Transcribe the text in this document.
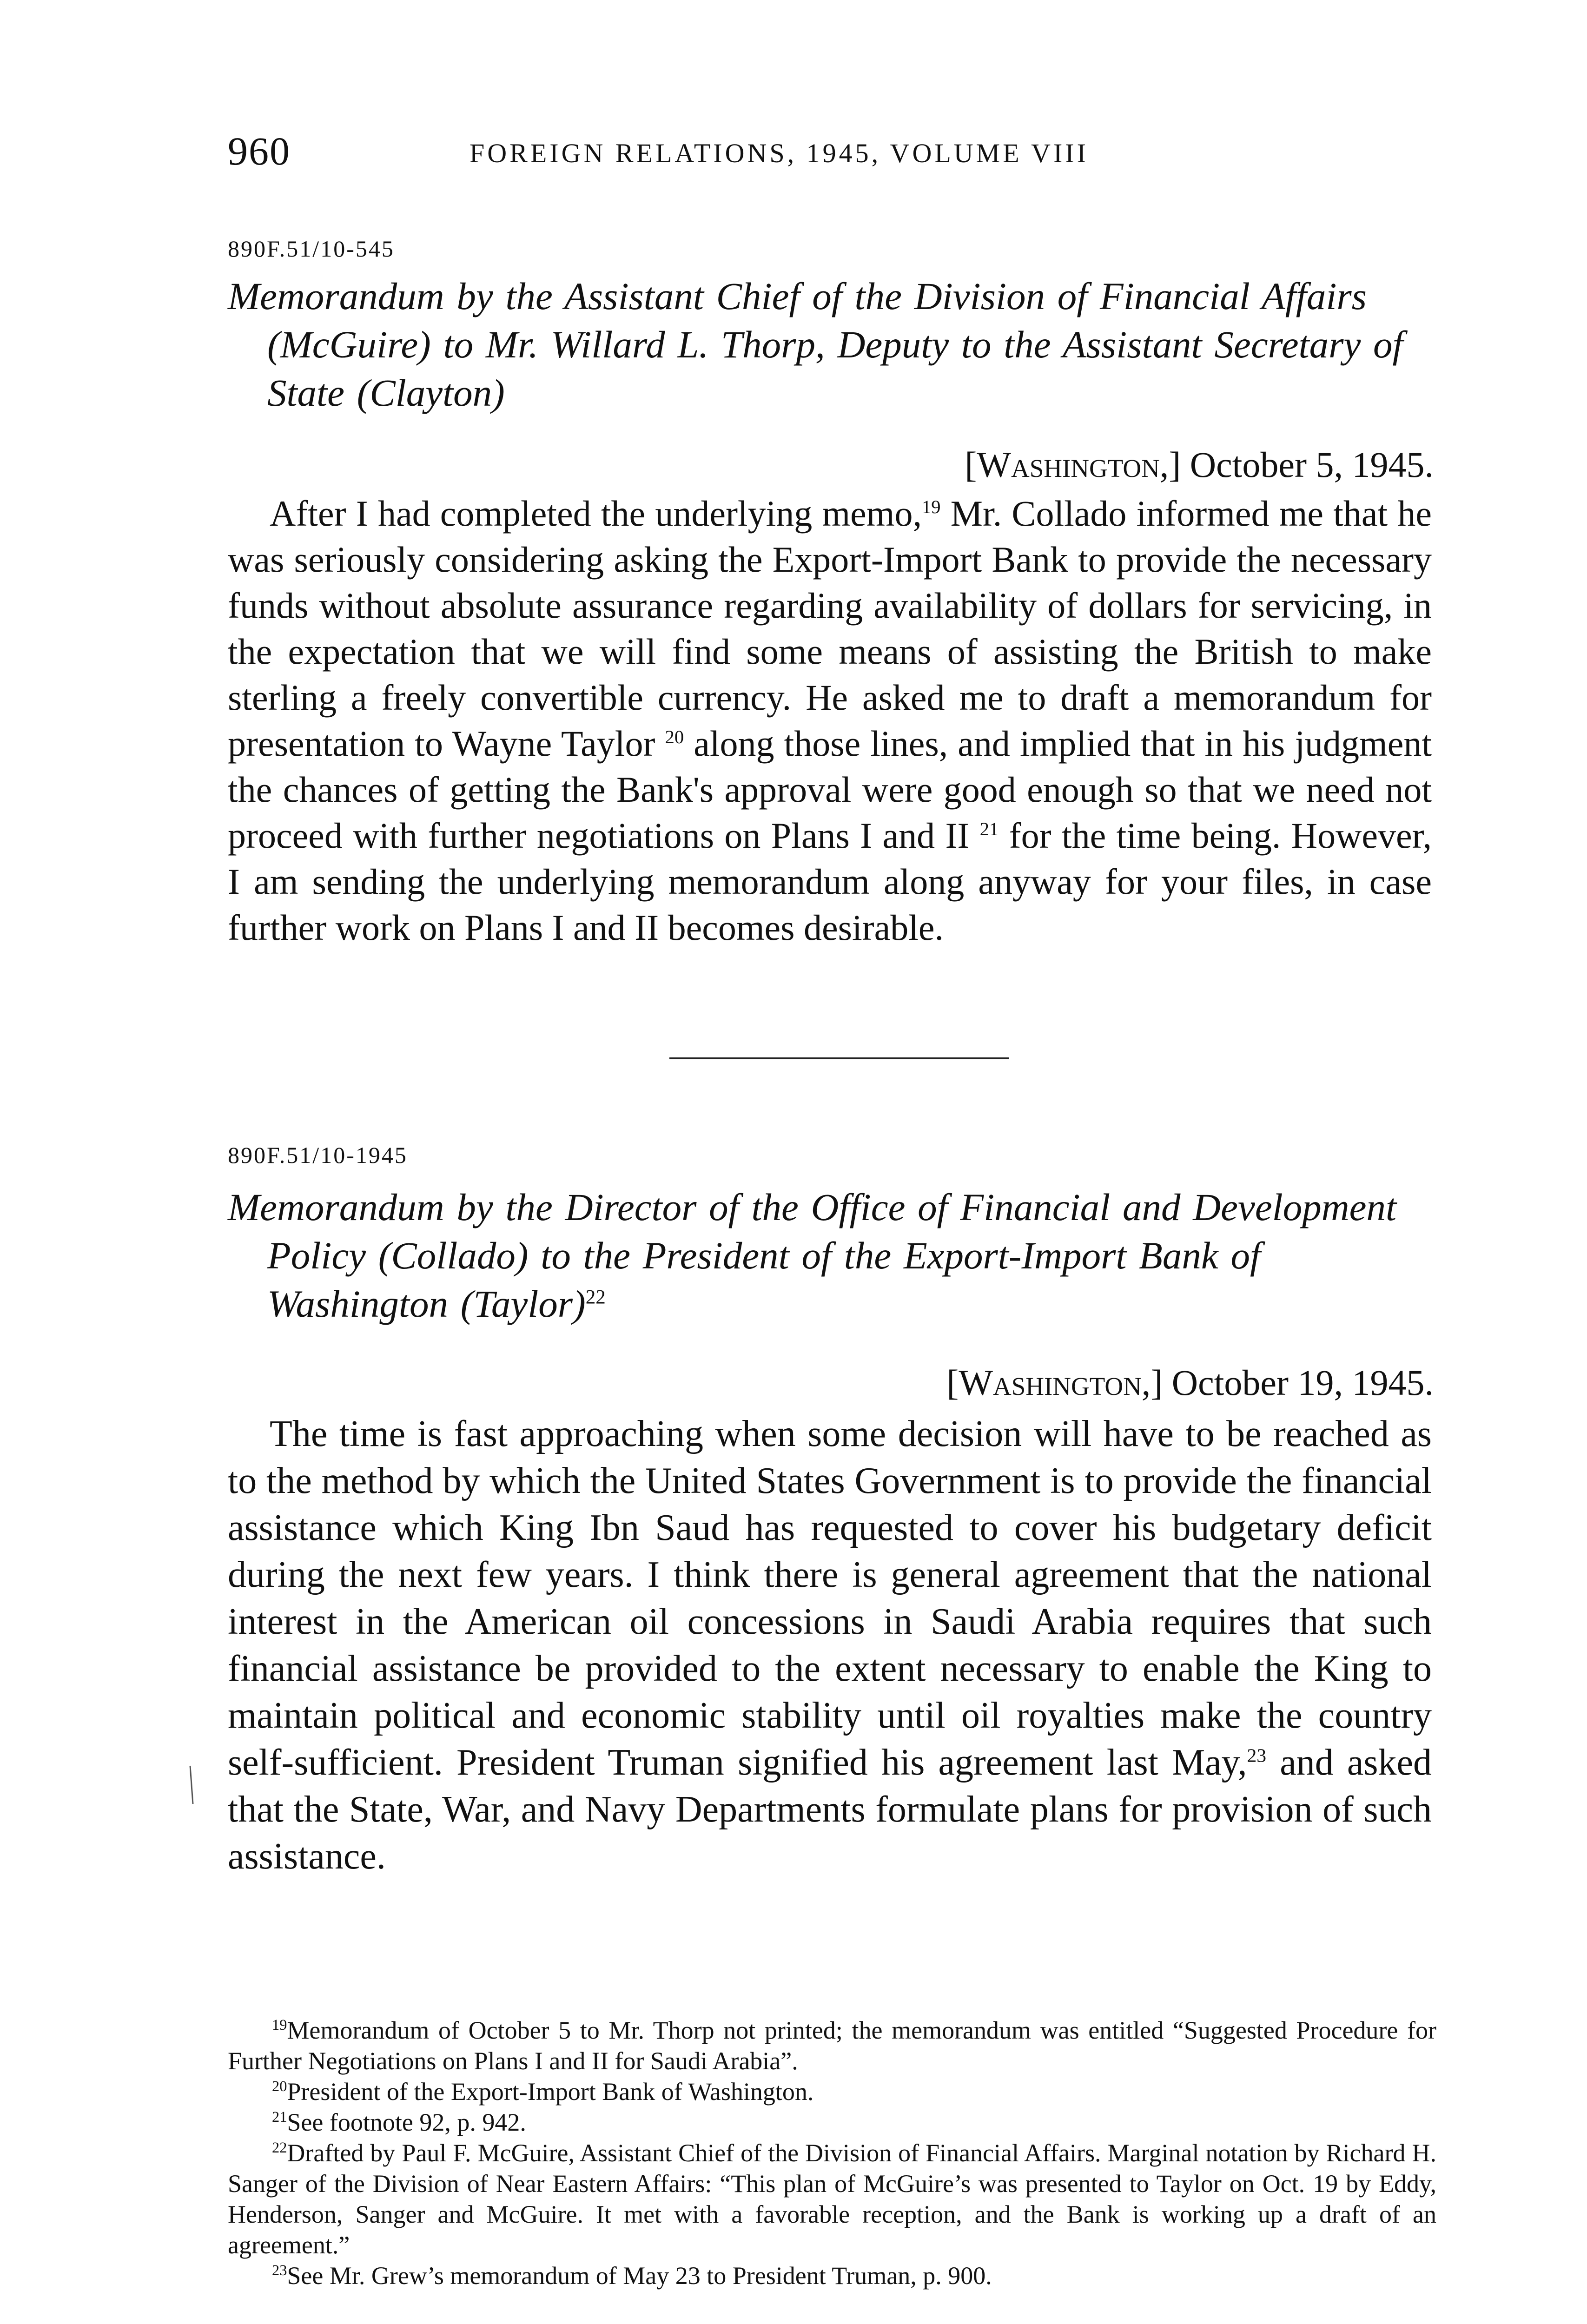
960	FOREIGN RELATIONS, 1945, VOLUME VIII
890F.51/10-545
Memorandum by the Assistant Chief of the Division of Financial Affairs (McGuire) to Mr. Willard L. Thorp, Deputy to the Assistant Secretary of State (Clayton)
[Washington,] October 5, 1945.

After I had completed the underlying memo,$^{19}$ Mr. Collado informed me that he was seriously considering asking the Export-Import Bank to provide the necessary funds without absolute assurance regarding availability of dollars for servicing, in the expectation that we will find some means of assisting the British to make sterling a freely convertible currency. He asked me to draft a memorandum for presentation to Wayne Taylor $^{20}$ along those lines, and implied that in his judgment the chances of getting the Bank's approval were good enough so that we need not proceed with further negotiations on Plans I and II $^{21}$ for the time being. However, I am sending the underlying memorandum along anyway for your files, in case further work on Plans I and II becomes desirable.

890F.51/10-1945
Memorandum by the Director of the Office of Financial and Development Policy (Collado) to the President of the Export-Import Bank of Washington (Taylor)$^{22}$
[Washington,] October 19, 1945.

The time is fast approaching when some decision will have to be reached as to the method by which the United States Government is to provide the financial assistance which King Ibn Saud has requested to cover his budgetary deficit during the next few years. I think there is general agreement that the national interest in the American oil concessions in Saudi Arabia requires that such financial assistance be provided to the extent necessary to enable the King to maintain political and economic stability until oil royalties make the country self-sufficient. President Truman signified his agreement last May,$^{23}$ and asked that the State, War, and Navy Departments formulate plans for provision of such assistance.

$^{19}$Memorandum of October 5 to Mr. Thorp not printed; the memorandum was entitled “Suggested Procedure for Further Negotiations on Plans I and II for Saudi Arabia”.

$^{20}$President of the Export-Import Bank of Washington.

$^{21}$See footnote 92, p. 942.

$^{22}$Drafted by Paul F. McGuire, Assistant Chief of the Division of Financial Affairs. Marginal notation by Richard H. Sanger of the Division of Near Eastern Affairs: “This plan of McGuire’s was presented to Taylor on Oct. 19 by Eddy, Henderson, Sanger and McGuire. It met with a favorable reception, and the Bank is working up a draft of an agreement.”

$^{23}$See Mr. Grew’s memorandum of May 23 to President Truman, p. 900.
